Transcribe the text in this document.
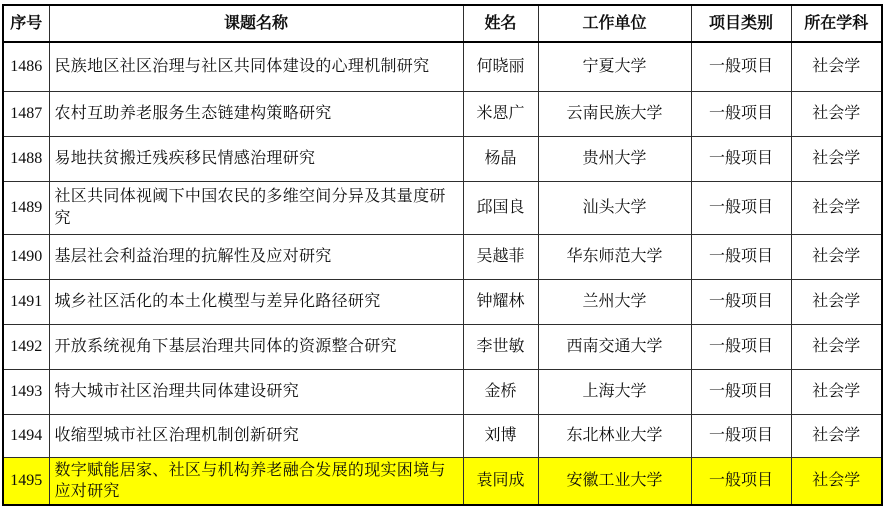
序号	课题名称	姓名	工作单位	项目类别	所在学科
1486	民族地区社区治理与社区共同体建设的心理机制研究	何晓丽	宁夏大学	一般项目	社会学
1487	农村互助养老服务生态链建构策略研究	米恩广	云南民族大学	一般项目	社会学
1488	易地扶贫搬迁残疾移民情感治理研究	杨晶	贵州大学	一般项目	社会学
1489	社区共同体视阈下中国农民的多维空间分异及其量度研究	邱国良	汕头大学	一般项目	社会学
1490	基层社会利益治理的抗解性及应对研究	吴越菲	华东师范大学	一般项目	社会学
1491	城乡社区活化的本土化模型与差异化路径研究	钟耀林	兰州大学	一般项目	社会学
1492	开放系统视角下基层治理共同体的资源整合研究	李世敏	西南交通大学	一般项目	社会学
1493	特大城市社区治理共同体建设研究	金桥	上海大学	一般项目	社会学
1494	收缩型城市社区治理机制创新研究	刘博	东北林业大学	一般项目	社会学
1495	数字赋能居家、社区与机构养老融合发展的现实困境与应对研究	袁同成	安徽工业大学	一般项目	社会学
